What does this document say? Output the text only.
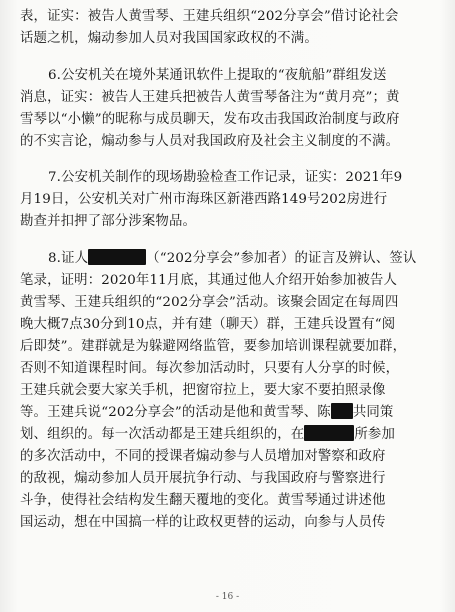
表，证实：被告人黄雪琴、王建兵组织“202分享会”借讨论社会
话题之机，煽动参加人员对我国国家政权的不满。
6.公安机关在境外某通讯软件上提取的“夜航船”群组发送
消息，证实：被告人王建兵把被告人黄雪琴备注为“黄月亮”；黄
雪琴以“小懒”的昵称与成员聊天，发布攻击我国政治制度与政府
的不实言论，煽动参与人员对我国政府及社会主义制度的不满。
7.公安机关制作的现场勘验检查工作记录，证实：2021年9
月19日，公安机关对广州市海珠区新港西路149号202房进行
勘查并扣押了部分涉案物品。
8.证人	（“202分享会”参加者）的证言及辨认、签认
笔录，证明：2020年11月底，其通过他人介绍开始参加被告人
黄雪琴、王建兵组织的“202分享会”活动。该聚会固定在每周四
晚大概7点30分到10点，并有建（聊天）群，王建兵设置有“阅
后即焚”。建群就是为躲避网络监管，要参加培训课程就要加群，
否则不知道课程时间。每次参加活动时，只要有人分享的时候，
王建兵就会要大家关手机，把窗帘拉上，要大家不要拍照录像
等。王建兵说“202分享会”的活动是他和黄雪琴、陈 共同策
划、组织的。每一次活动都是王建兵组织的，在	所参加
的多次活动中，不同的授课者煽动参与人员增加对警察和政府
的敌视，煽动参加人员开展抗争行动、与我国政府与警察进行
斗争，使得社会结构发生翻天覆地的变化。黄雪琴通过讲述他
国运动，想在中国搞一样的让政权更替的运动，向参与人员传
- 16 -
